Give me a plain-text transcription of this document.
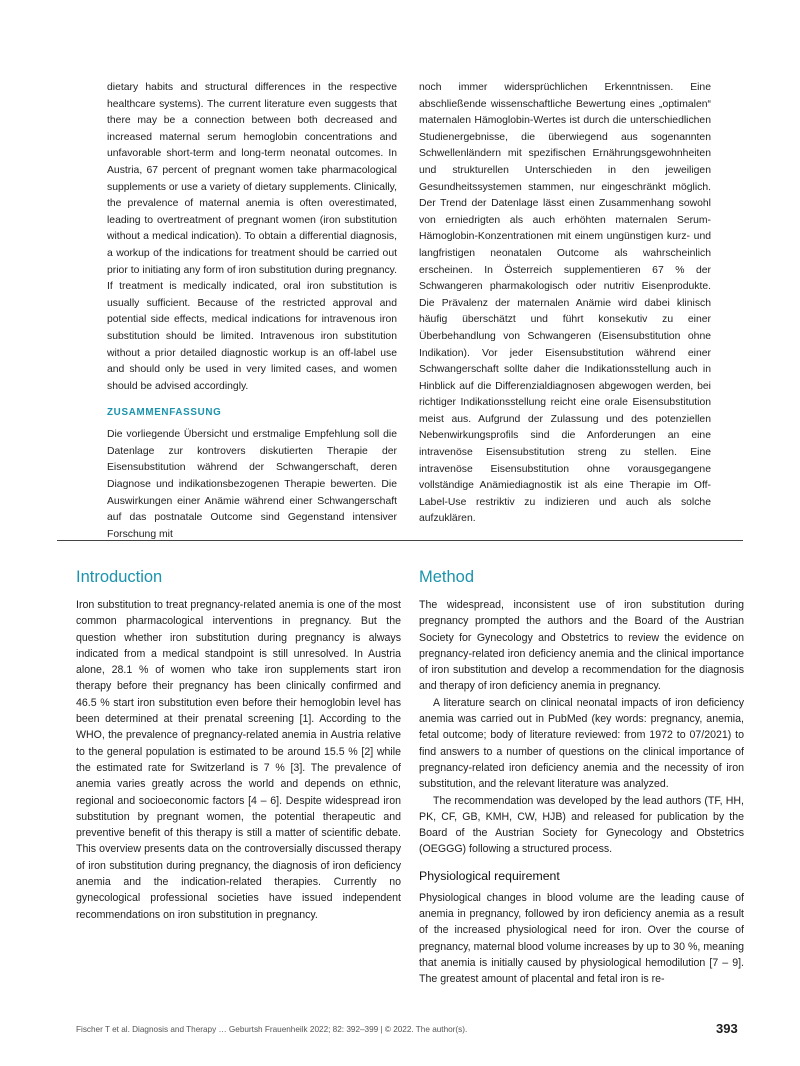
dietary habits and structural differences in the respective healthcare systems). The current literature even suggests that there may be a connection between both decreased and increased maternal serum hemoglobin concentrations and unfavorable short-term and long-term neonatal outcomes. In Austria, 67 percent of pregnant women take pharmacological supplements or use a variety of dietary supplements. Clinically, the prevalence of maternal anemia is often overestimated, leading to overtreatment of pregnant women (iron substitution without a medical indication). To obtain a differential diagnosis, a workup of the indications for treatment should be carried out prior to initiating any form of iron substitution during pregnancy. If treatment is medically indicated, oral iron substitution is usually sufficient. Because of the restricted approval and potential side effects, medical indications for intravenous iron substitution should be limited. Intravenous iron substitution without a prior detailed diagnostic workup is an off-label use and should only be used in very limited cases, and women should be advised accordingly.

ZUSAMMENFASSUNG

Die vorliegende Übersicht und erstmalige Empfehlung soll die Datenlage zur kontrovers diskutierten Therapie der Eisensubstitution während der Schwangerschaft, deren Diagnose und indikationsbezogenen Therapie bewerten. Die Auswirkungen einer Anämie während einer Schwangerschaft auf das postnatale Outcome sind Gegenstand intensiver Forschung mit

noch immer widersprüchlichen Erkenntnissen. Eine abschließende wissenschaftliche Bewertung eines „optimalen“ maternalen Hämoglobin-Wertes ist durch die unterschiedlichen Studienergebnisse, die überwiegend aus sogenannten Schwellenländern mit spezifischen Ernährungsgewohnheiten und strukturellen Unterschieden in den jeweiligen Gesundheitssystemen stammen, nur eingeschränkt möglich. Der Trend der Datenlage lässt einen Zusammenhang sowohl von erniedrigten als auch erhöhten maternalen Serum-Hämoglobin-Konzentrationen mit einem ungünstigen kurz- und langfristigen neonatalen Outcome als wahrscheinlich erscheinen. In Österreich supplementieren 67 % der Schwangeren pharmakologisch oder nutritiv Eisenprodukte. Die Prävalenz der maternalen Anämie wird dabei klinisch häufig überschätzt und führt konsekutiv zu einer Überbehandlung von Schwangeren (Eisensubstitution ohne Indikation). Vor jeder Eisensubstitution während einer Schwangerschaft sollte daher die Indikationsstellung auch in Hinblick auf die Differenzialdiagnosen abgewogen werden, bei richtiger Indikationsstellung reicht eine orale Eisensubstitution meist aus. Aufgrund der Zulassung und des potenziellen Nebenwirkungsprofils sind die Anforderungen an eine intravenöse Eisensubstitution streng zu stellen. Eine intravenöse Eisensubstitution ohne vorausgegangene vollständige Anämiediagnostik ist als eine Therapie im Off-Label-Use restriktiv zu indizieren und auch als solche aufzuklären.

Introduction

Iron substitution to treat pregnancy-related anemia is one of the most common pharmacological interventions in pregnancy. But the question whether iron substitution during pregnancy is always indicated from a medical standpoint is still unresolved. In Austria alone, 28.1 % of women who take iron supplements start iron therapy before their pregnancy has been clinically confirmed and 46.5 % start iron substitution even before their hemoglobin level has been determined at their prenatal screening [1]. According to the WHO, the prevalence of pregnancy-related anemia in Austria relative to the general population is estimated to be around 15.5 % [2] while the estimated rate for Switzerland is 7 % [3]. The prevalence of anemia varies greatly across the world and depends on ethnic, regional and socioeconomic factors [4 – 6]. Despite widespread iron substitution by pregnant women, the potential therapeutic and preventive benefit of this therapy is still a matter of scientific debate. This overview presents data on the controversially discussed therapy of iron substitution during pregnancy, the diagnosis of iron deficiency anemia and the indication-related therapies. Currently no gynecological professional societies have issued independent recommendations on iron substitution in pregnancy.

Method

The widespread, inconsistent use of iron substitution during pregnancy prompted the authors and the Board of the Austrian Society for Gynecology and Obstetrics to review the evidence on pregnancy-related iron deficiency anemia and the clinical importance of iron substitution and develop a recommendation for the diagnosis and therapy of iron deficiency anemia in pregnancy.

A literature search on clinical neonatal impacts of iron deficiency anemia was carried out in PubMed (key words: pregnancy, anemia, fetal outcome; body of literature reviewed: from 1972 to 07/2021) to find answers to a number of questions on the clinical importance of pregnancy-related iron deficiency anemia and the necessity of iron substitution, and the relevant literature was analyzed.

The recommendation was developed by the lead authors (TF, HH, PK, CF, GB, KMH, CW, HJB) and released for publication by the Board of the Austrian Society for Gynecology and Obstetrics (OEGGG) following a structured process.

Physiological requirement

Physiological changes in blood volume are the leading cause of anemia in pregnancy, followed by iron deficiency anemia as a result of the increased physiological need for iron. Over the course of pregnancy, maternal blood volume increases by up to 30 %, meaning that anemia is initially caused by physiological hemodilution [7 – 9]. The greatest amount of placental and fetal iron is re-

Fischer T et al. Diagnosis and Therapy … Geburtsh Frauenheilk 2022; 82: 392–399 | © 2022. The author(s).	393
